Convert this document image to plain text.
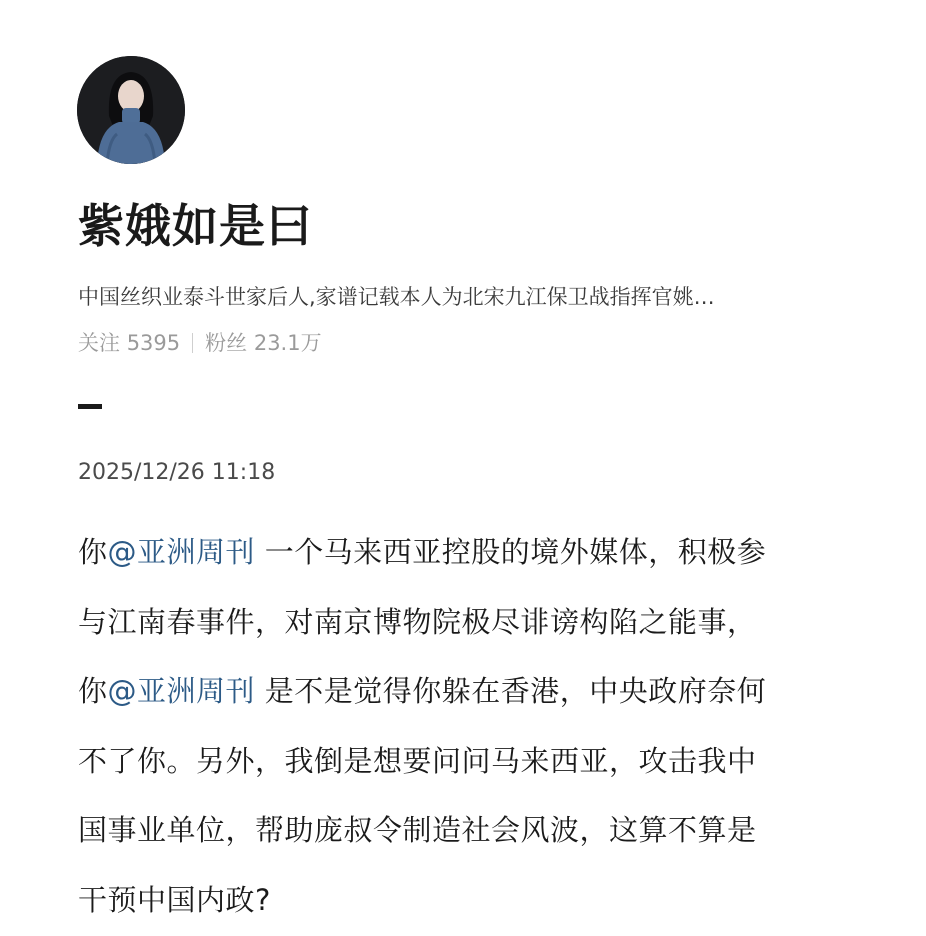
紫娥如是曰
中国丝织业泰斗世家后人,家谱记载本人为北宋九江保卫战指挥官姚…
关注 5395 粉丝 23.1万
2025/12/26 11:18
你@亚洲周刊 一个马来西亚控股的境外媒体，积极参
与江南春事件，对南京博物院极尽诽谤构陷之能事，
你@亚洲周刊 是不是觉得你躲在香港，中央政府奈何
不了你。另外，我倒是想要问问马来西亚，攻击我中
国事业单位，帮助庞叔令制造社会风波，这算不算是
干预中国内政?
